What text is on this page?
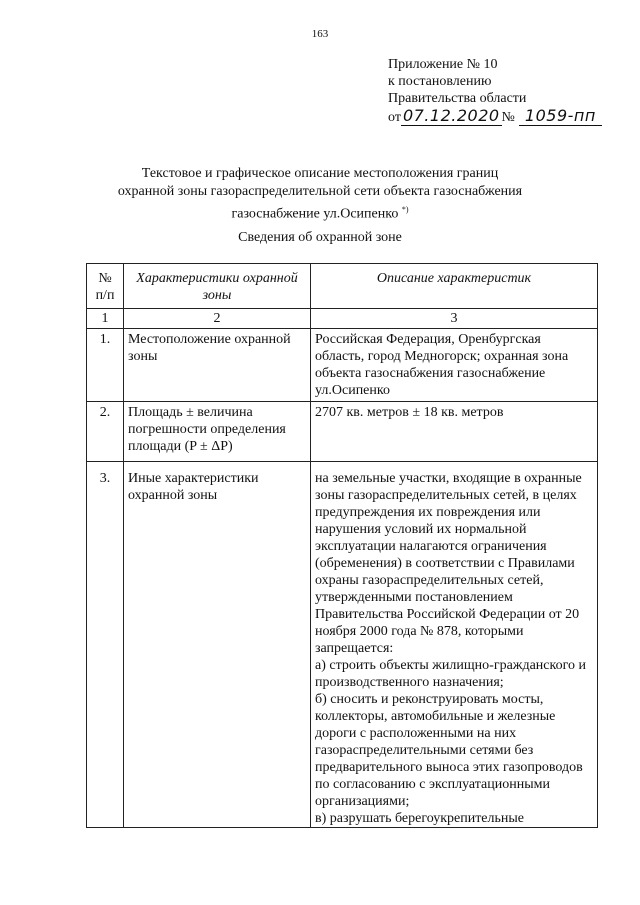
163
Приложение № 10
к постановлению
Правительства области
от 07.12.2020 № 1059-пп
Текстовое и графическое описание местоположения границ
охранной зоны газораспределительной сети объекта газоснабжения
газоснабжение ул.Осипенко *)
Сведения об охранной зоне
№ п/п	Характеристики охранной зоны	Описание характеристик
1	2	3
1.	Местоположение охранной зоны	Российская Федерация, Оренбургская область, город Медногорск; охранная зона объекта газоснабжения газоснабжение ул.Осипенко
2.	Площадь ± величина погрешности определения площади (P ± ΔP)	2707 кв. метров ± 18 кв. метров
3.	Иные характеристики охранной зоны	на земельные участки, входящие в охранные зоны газораспределительных сетей, в целях предупреждения их повреждения или нарушения условий их нормальной эксплуатации налагаются ограничения (обременения) в соответствии с Правилами охраны газораспределительных сетей, утвержденными постановлением Правительства Российской Федерации от 20 ноября 2000 года № 878, которыми запрещается:
а) строить объекты жилищно-гражданского и производственного назначения;
б) сносить и реконструировать мосты, коллекторы, автомобильные и железные дороги с расположенными на них газораспределительными сетями без предварительного выноса этих газопроводов по согласованию с эксплуатационными организациями;
в) разрушать берегоукрепительные
